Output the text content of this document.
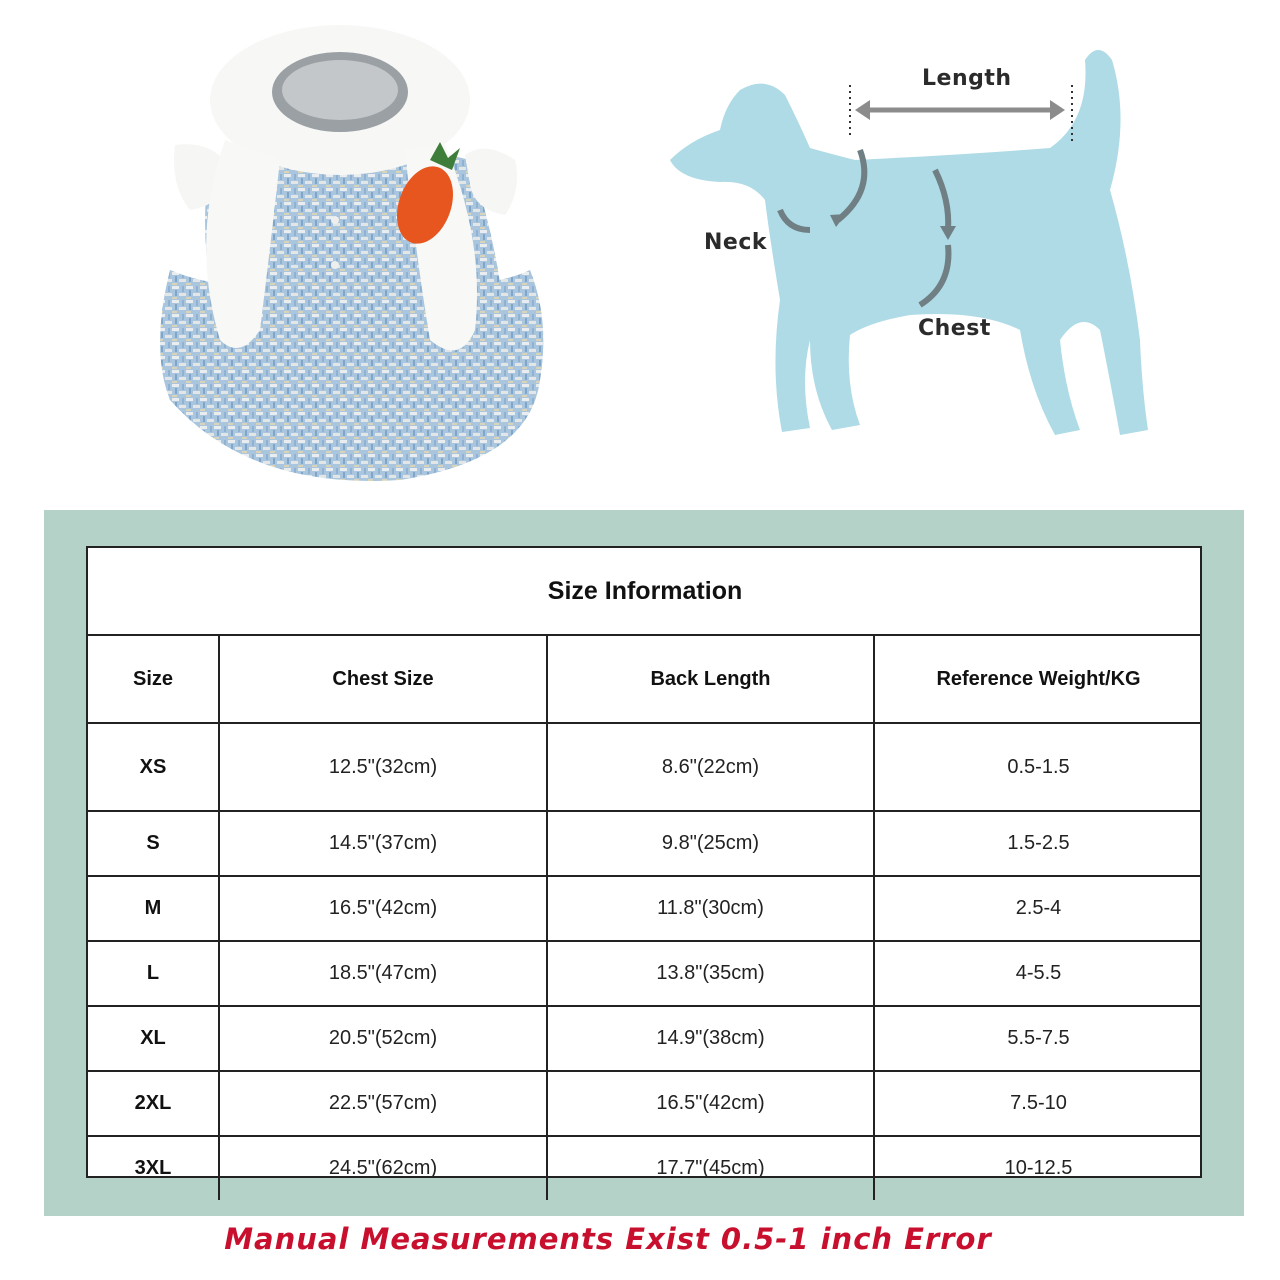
Length
Neck
Chest
Size Information			
Size	Chest Size	Back Length	Reference Weight/KG
XS	12.5"(32cm)	8.6"(22cm)	0.5-1.5
S	14.5"(37cm)	9.8"(25cm)	1.5-2.5
M	16.5"(42cm)	11.8"(30cm)	2.5-4
L	18.5"(47cm)	13.8"(35cm)	4-5.5
XL	20.5"(52cm)	14.9"(38cm)	5.5-7.5
2XL	22.5"(57cm)	16.5"(42cm)	7.5-10
3XL	24.5"(62cm)	17.7"(45cm)	10-12.5
Manual Measurements Exist 0.5-1 inch Error
